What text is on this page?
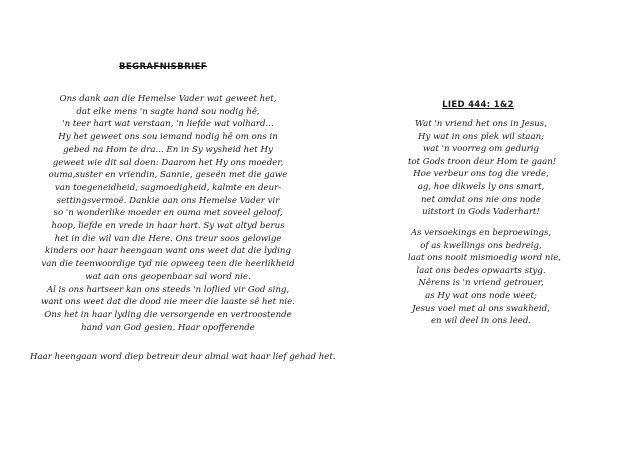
BEGRAFNISBRIEF
Ons dank aan die Hemelse Vader wat geweet het,
dat elke mens 'n sagte hand sou nodig hê,
'n teer hart wat verstaan, 'n liefde wat volhard...
Hy het geweet ons sou iemand nodig hê om ons in
gebed na Hom te dra... En in Sy wysheid het Hy
geweet wie dit sal doen: Daarom het Hy ons moeder,
ouma,suster en vriendin, Sannie, geseën met die gawe
van toegeneidheid, sagmoedigheid, kalmte en deur-
settingsvermoë. Dankie aan ons Hemelse Vader vir
so 'n wonderlike moeder en ouma met soveel geloof,
hoop, liefde en vrede in haar hart. Sy wat altyd berus
het in die wil van die Here. Ons treur soos gelowige
kinders oor haar heengaan want ons weet dat die lyding
van die teenwoordige tyd nie opweeg teen die heerlikheid
wat aan ons geopenbaar sal word nie.
Al is ons hartseer kan ons steeds 'n loflied vir God sing,
want ons weet dat die dood nie meer die laaste sê het nie.
Ons het in haar lyding die versorgende en vertroostende
hand van God gesien. Haar opofferende
Haar heengaan word diep betreur deur almal wat haar lief gehad het.
LIED 444: 1&2
Wat 'n vriend het ons in Jesus,
Hy wat in ons plek wil staan;
wat 'n voorreg om gedurig
tot Gods troon deur Hom te gaan!
Hoe verbeur ons tog die vrede,
ag, hoe dikwels ly ons smart,
net omdat ons nie ons node
uitstort in Gods Vaderhart!
As versoekings en beproewings,
of as kwellings ons bedreig,
laat ons nooit mismoedig word nie,
laat ons bedes opwaarts styg.
Nêrens is 'n vriend getrouer,
as Hy wat ons node weet;
Jesus voel met al ons swakheid,
en wil deel in ons leed.
